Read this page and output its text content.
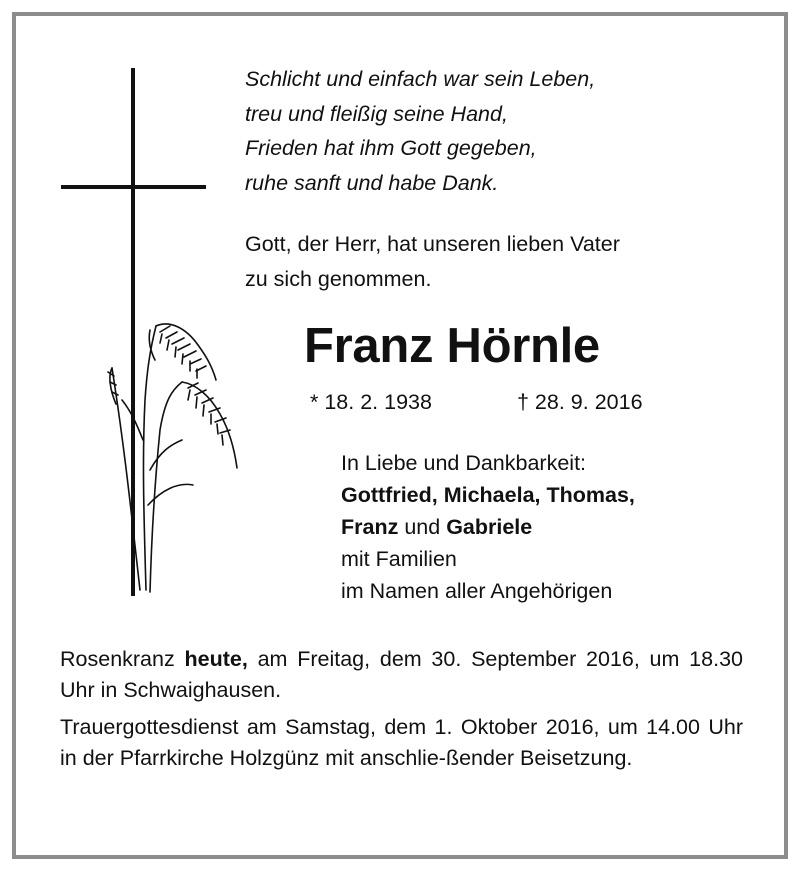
Schlicht und einfach war sein Leben,
treu und fleißig seine Hand,
Frieden hat ihm Gott gegeben,
ruhe sanft und habe Dank.
Gott, der Herr, hat unseren lieben Vater
zu sich genommen.
Franz Hörnle
* 18. 2. 1938	† 28. 9. 2016
In Liebe und Dankbarkeit:
Gottfried, Michaela, Thomas,
Franz und Gabriele
mit Familien
im Namen aller Angehörigen
Rosenkranz heute, am Freitag, dem 30. September 2016, um 18.30 Uhr in Schwaighausen.
Trauergottesdienst am Samstag, dem 1. Oktober 2016, um 14.00 Uhr in der Pfarrkirche Holzgünz mit anschlie-ßender Beisetzung.
